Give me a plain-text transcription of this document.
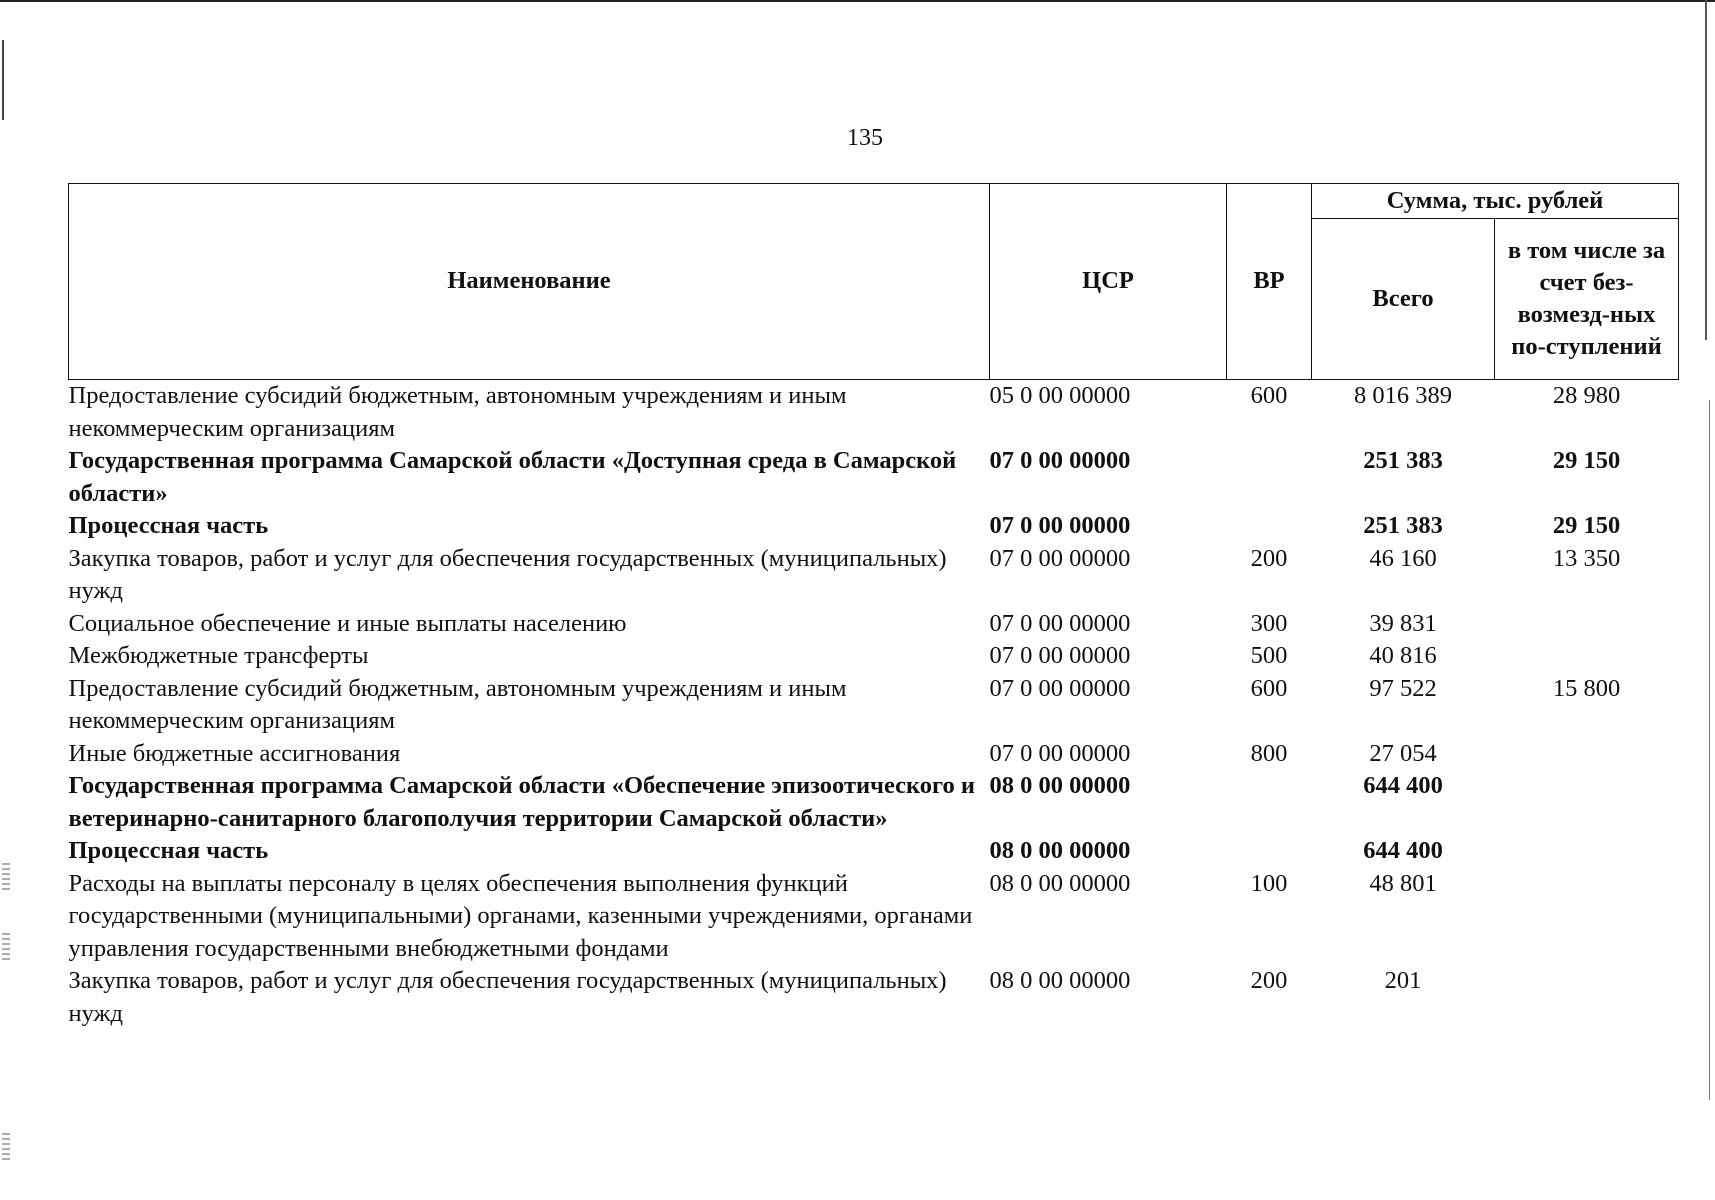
135
Наименование	ЦСР	ВР	Сумма, тыс. рублей	
			Всего	в том числе за счет без-возмезд-ных по-ступлений
Предоставление субсидий бюджетным, автономным учреждениям и иным некоммерческим организациям	05 0 00 00000	600	8 016 389	28 980
Государственная программа Самарской области «Доступная среда в Самарской области»	07 0 00 00000		251 383	29 150
Процессная часть	07 0 00 00000		251 383	29 150
Закупка товаров, работ и услуг для обеспечения государственных (муниципальных) нужд	07 0 00 00000	200	46 160	13 350
Социальное обеспечение и иные выплаты населению	07 0 00 00000	300	39 831	
Межбюджетные трансферты	07 0 00 00000	500	40 816	
Предоставление субсидий бюджетным, автономным учреждениям и иным некоммерческим организациям	07 0 00 00000	600	97 522	15 800
Иные бюджетные ассигнования	07 0 00 00000	800	27 054	
Государственная программа Самарской области «Обеспечение эпизоотического и ветеринарно-санитарного благополучия территории Самарской области»	08 0 00 00000		644 400	
Процессная часть	08 0 00 00000		644 400	
Расходы на выплаты персоналу в целях обеспечения выполнения функций государственными (муниципальными) органами, казенными учреждениями, органами управления государственными внебюджетными фондами	08 0 00 00000	100	48 801	
Закупка товаров, работ и услуг для обеспечения государственных (муниципальных) нужд	08 0 00 00000	200	201	
